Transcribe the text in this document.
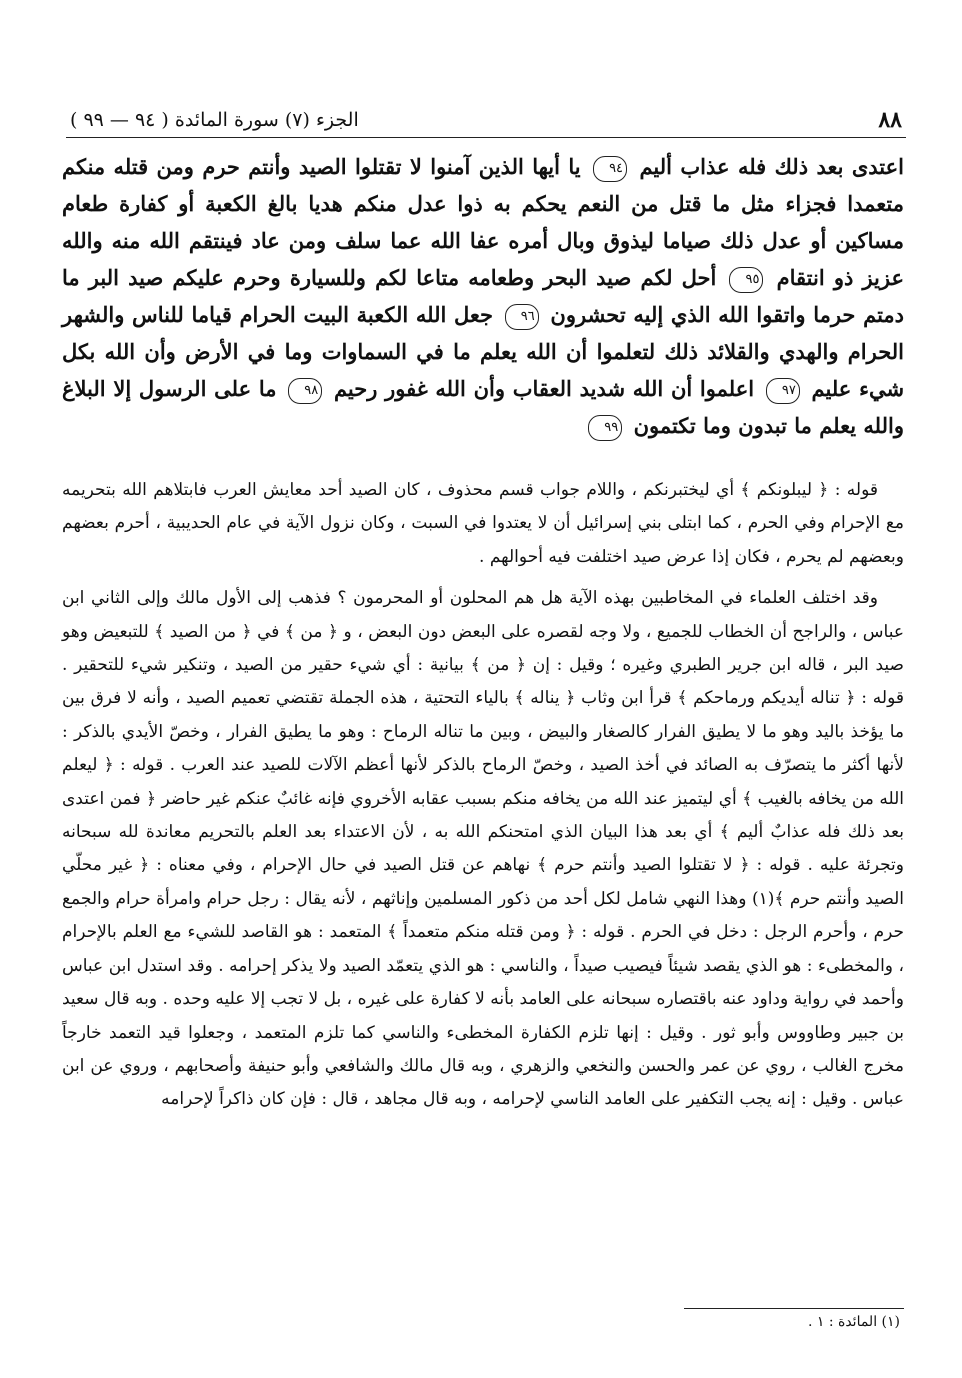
٨٨
الجزء (٧) سورة المائدة ( ٩٤ — ٩٩ )
اعتدى بعد ذلك فله عذاب أليم ٩٤ يا أيها الذين آمنوا لا تقتلوا الصيد وأنتم حرم ومن قتله منكم متعمدا فجزاء مثل ما قتل من النعم يحكم به ذوا عدل منكم هديا بالغ الكعبة أو كفارة طعام مساكين أو عدل ذلك صياما ليذوق وبال أمره عفا الله عما سلف ومن عاد فينتقم الله منه والله عزيز ذو انتقام ٩٥ أحل لكم صيد البحر وطعامه متاعا لكم وللسيارة وحرم عليكم صيد البر ما دمتم حرما واتقوا الله الذي إليه تحشرون ٩٦ جعل الله الكعبة البيت الحرام قياما للناس والشهر الحرام والهدي والقلائد ذلك لتعلموا أن الله يعلم ما في السماوات وما في الأرض وأن الله بكل شيء عليم ٩٧ اعلموا أن الله شديد العقاب وأن الله غفور رحيم ٩٨ ما على الرسول إلا البلاغ والله يعلم ما تبدون وما تكتمون ٩٩

قوله : ﴿ ليبلونكم ﴾ أي ليختبرنكم ، واللام جواب قسم محذوف ، كان الصيد أحد معايش العرب فابتلاهم الله بتحريمه مع الإحرام وفي الحرم ، كما ابتلى بني إسرائيل أن لا يعتدوا في السبت ، وكان نزول الآية في عام الحديبية ، أحرم بعضهم وبعضهم لم يحرم ، فكان إذا عرض صيد اختلفت فيه أحوالهم .

وقد اختلف العلماء في المخاطبين بهذه الآية هل هم المحلون أو المحرمون ؟ فذهب إلى الأول مالك وإلى الثاني ابن عباس ، والراجح أن الخطاب للجميع ، ولا وجه لقصره على البعض دون البعض ، و ﴿ من ﴾ في ﴿ من الصيد ﴾ للتبعيض وهو صيد البر ، قاله ابن جرير الطبري وغيره ؛ وقيل : إن ﴿ من ﴾ بيانية : أي شيء حقير من الصيد ، وتنكير شيء للتحقير . قوله : ﴿ تناله أيديكم ورماحكم ﴾ قرأ ابن وثاب ﴿ يناله ﴾ بالياء التحتية ، هذه الجملة تقتضي تعميم الصيد ، وأنه لا فرق بين ما يؤخذ باليد وهو ما لا يطيق الفرار كالصغار والبيض ، وبين ما تناله الرماح : وهو ما يطيق الفرار ، وخصّ الأيدي بالذكر : لأنها أكثر ما يتصرّف به الصائد في أخذ الصيد ، وخصّ الرماح بالذكر لأنها أعظم الآلات للصيد عند العرب . قوله : ﴿ ليعلم الله من يخافه بالغيب ﴾ أي ليتميز عند الله من يخافه منكم بسبب عقابه الأخروي فإنه غائبٌ عنكم غير حاضر ﴿ فمن اعتدى بعد ذلك فله عذابٌ أليم ﴾ أي بعد هذا البيان الذي امتحنكم الله به ، لأن الاعتداء بعد العلم بالتحريم معاندة لله سبحانه وتجرئة عليه . قوله : ﴿ لا تقتلوا الصيد وأنتم حرم ﴾ نهاهم عن قتل الصيد في حال الإحرام ، وفي معناه : ﴿ غير محلّي الصيد وأنتم حرم ﴾(١) وهذا النهي شامل لكل أحد من ذكور المسلمين وإناثهم ، لأنه يقال : رجل حرام وامرأة حرام والجمع حرم ، وأحرم الرجل : دخل في الحرم . قوله : ﴿ ومن قتله منكم متعمداً ﴾ المتعمد : هو القاصد للشيء مع العلم بالإحرام ، والمخطىء : هو الذي يقصد شيئاً فيصيب صيداً ، والناسي : هو الذي يتعمّد الصيد ولا يذكر إحرامه . وقد استدل ابن عباس وأحمد في رواية وداود عنه باقتصاره سبحانه على العامد بأنه لا كفارة على غيره ، بل لا تجب إلا عليه وحده . وبه قال سعيد بن جبير وطاووس وأبو ثور . وقيل : إنها تلزم الكفارة المخطىء والناسي كما تلزم المتعمد ، وجعلوا قيد التعمد خارجاً مخرج الغالب ، روي عن عمر والحسن والنخعي والزهري ، وبه قال مالك والشافعي وأبو حنيفة وأصحابهم ، وروي عن ابن عباس . وقيل : إنه يجب التكفير على العامد الناسي لإحرامه ، وبه قال مجاهد ، قال : فإن كان ذاكراً لإحرامه

(١) المائدة : ١ .
